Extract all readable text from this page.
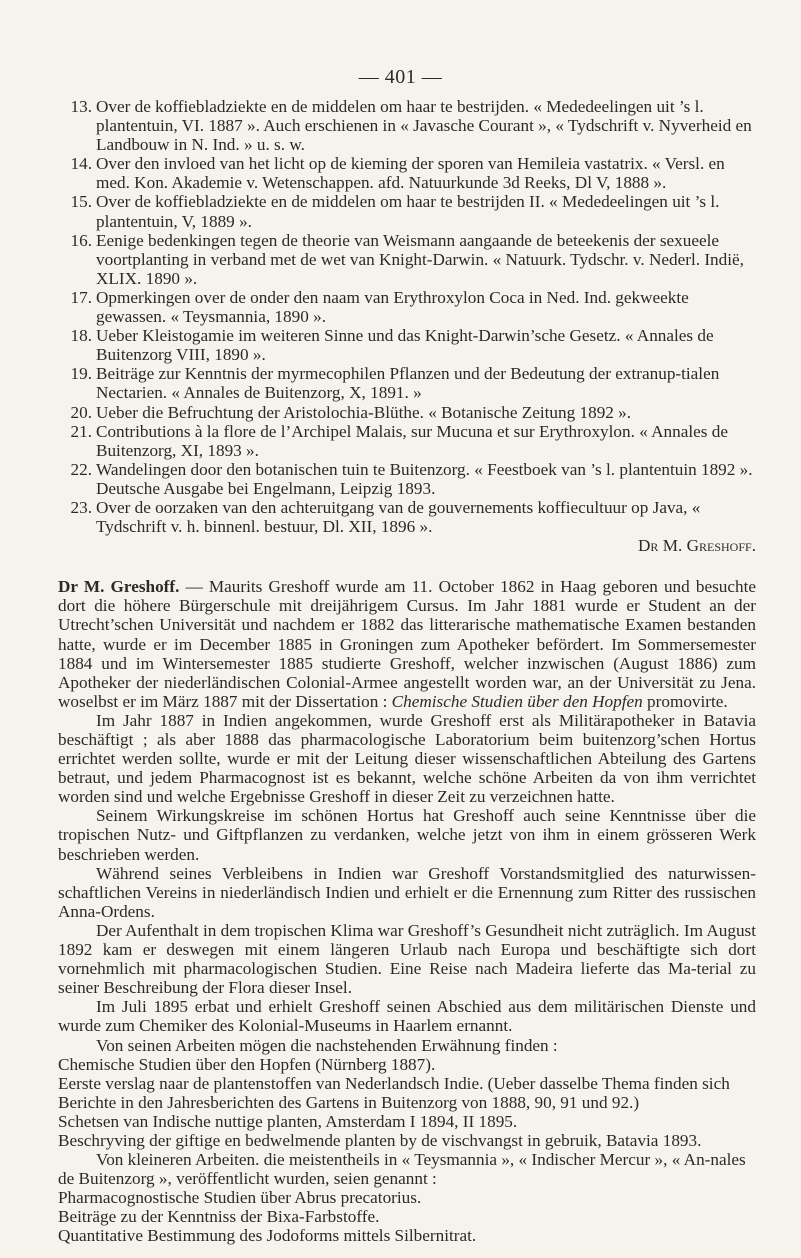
— 401 —

13. Over de koffiebladziekte en de middelen om haar te bestrijden. « Mededeelingen uit ’s l. plantentuin, VI. 1887 ». Auch erschienen in « Javasche Courant », « Tydschrift v. Nyverheid en Landbouw in N. Ind. » u. s. w.

14. Over den invloed van het licht op de kieming der sporen van Hemileia vastatrix. « Versl. en med. Kon. Akademie v. Wetenschappen. afd. Natuurkunde 3d Reeks, Dl V, 1888 ».

15. Over de koffiebladziekte en de middelen om haar te bestrijden II. « Mededeelingen uit ’s l. plantentuin, V, 1889 ».

16. Eenige bedenkingen tegen de theorie van Weismann aangaande de beteekenis der sexueele voortplanting in verband met de wet van Knight-Darwin. « Natuurk. Tydschr. v. Nederl. Indië, XLIX. 1890 ».

17. Opmerkingen over de onder den naam van Erythroxylon Coca in Ned. Ind. gekweekte gewassen. « Teysmannia, 1890 ».

18. Ueber Kleistogamie im weiteren Sinne und das Knight-Darwin’sche Gesetz. « Annales de Buitenzorg VIII, 1890 ».

19. Beiträge zur Kenntnis der myrmecophilen Pflanzen und der Bedeutung der extranup-tialen Nectarien. « Annales de Buitenzorg, X, 1891. »

20. Ueber die Befruchtung der Aristolochia-Blüthe. « Botanische Zeitung 1892 ».

21. Contributions à la flore de l’Archipel Malais, sur Mucuna et sur Erythroxylon. « Annales de Buitenzorg, XI, 1893 ».

22. Wandelingen door den botanischen tuin te Buitenzorg. « Feestboek van ’s l. plantentuin 1892 ». Deutsche Ausgabe bei Engelmann, Leipzig 1893.

23. Over de oorzaken van den achteruitgang van de gouvernements koffiecultuur op Java, « Tydschrift v. h. binnenl. bestuur, Dl. XII, 1896 ».

Dr M. Greshoff.

Dr M. Greshoff. — Maurits Greshoff wurde am 11. October 1862 in Haag geboren und besuchte dort die höhere Bürgerschule mit dreijährigem Cursus. Im Jahr 1881 wurde er Student an der Utrecht’schen Universität und nachdem er 1882 das litterarische mathematische Examen bestanden hatte, wurde er im December 1885 in Groningen zum Apotheker befördert. Im Sommersemester 1884 und im Wintersemester 1885 studierte Greshoff, welcher inzwischen (August 1886) zum Apotheker der niederländischen Colonial-Armee angestellt worden war, an der Universität zu Jena. woselbst er im März 1887 mit der Dissertation : Chemische Studien über den Hopfen promovirte.

Im Jahr 1887 in Indien angekommen, wurde Greshoff erst als Militärapotheker in Batavia beschäftigt ; als aber 1888 das pharmacologische Laboratorium beim buitenzorg’schen Hortus errichtet werden sollte, wurde er mit der Leitung dieser wissenschaftlichen Abteilung des Gartens betraut, und jedem Pharmacognost ist es bekannt, welche schöne Arbeiten da von ihm verrichtet worden sind und welche Ergebnisse Greshoff in dieser Zeit zu verzeichnen hatte.

Seinem Wirkungskreise im schönen Hortus hat Greshoff auch seine Kenntnisse über die tropischen Nutz- und Giftpflanzen zu verdanken, welche jetzt von ihm in einem grösseren Werk beschrieben werden.

Während seines Verbleibens in Indien war Greshoff Vorstandsmitglied des naturwissen-schaftlichen Vereins in niederländisch Indien und erhielt er die Ernennung zum Ritter des russischen Anna-Ordens.

Der Aufenthalt in dem tropischen Klima war Greshoff’s Gesundheit nicht zuträglich. Im August 1892 kam er deswegen mit einem längeren Urlaub nach Europa und beschäftigte sich dort vornehmlich mit pharmacologischen Studien. Eine Reise nach Madeira lieferte das Ma-terial zu seiner Beschreibung der Flora dieser Insel.

Im Juli 1895 erbat und erhielt Greshoff seinen Abschied aus dem militärischen Dienste und wurde zum Chemiker des Kolonial-Museums in Haarlem ernannt.

Von seinen Arbeiten mögen die nachstehenden Erwähnung finden :

Chemische Studien über den Hopfen (Nürnberg 1887).

Eerste verslag naar de plantenstoffen van Nederlandsch Indie. (Ueber dasselbe Thema finden sich Berichte in den Jahresberichten des Gartens in Buitenzorg von 1888, 90, 91 und 92.)

Schetsen van Indische nuttige planten, Amsterdam I 1894, II 1895.

Beschryving der giftige en bedwelmende planten by de vischvangst in gebruik, Batavia 1893.

Von kleineren Arbeiten. die meistentheils in « Teysmannia », « Indischer Mercur », « An-nales de Buitenzorg », veröffentlicht wurden, seien genannt :

Pharmacognostische Studien über Abrus precatorius.

Beiträge zu der Kenntniss der Bixa-Farbstoffe.

Quantitative Bestimmung des Jodoforms mittels Silbernitrat.
